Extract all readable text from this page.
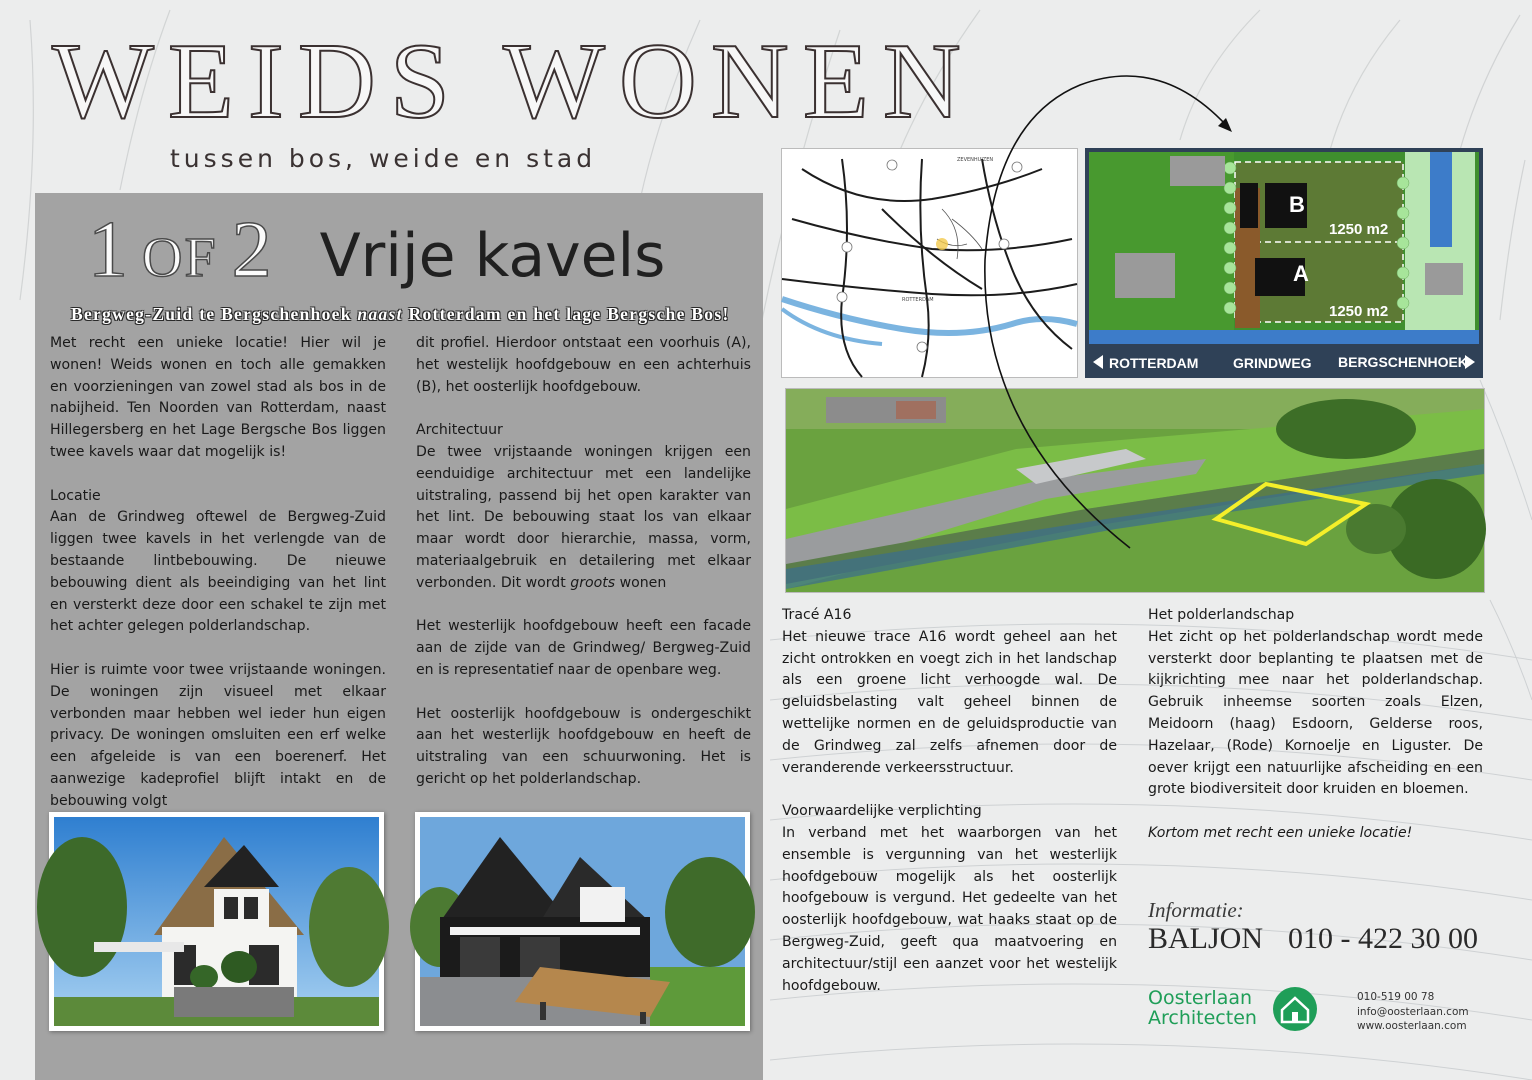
WEIDS WONEN
tussen bos, weide en stad
1 OF 2 Vrije kavels
Bergweg-Zuid te Bergschenhoek naast Rotterdam en het lage Bergsche Bos!

Met recht een unieke locatie! Hier wil je wonen! Weids wonen en toch alle gemakken en voorzieningen van zowel stad als bos in de nabijheid. Ten Noorden van Rotterdam, naast Hillegersberg en het Lage Bergsche Bos liggen twee kavels waar dat mogelijk is!

Locatie
Aan de Grindweg oftewel de Bergweg-Zuid liggen twee kavels in het verlengde van de bestaande lintbebouwing. De nieuwe bebouwing dient als beeindiging van het lint en versterkt deze door een schakel te zijn met het achter gelegen polderlandschap.

Hier is ruimte voor twee vrijstaande woningen. De woningen zijn visueel met elkaar verbonden maar hebben wel ieder hun eigen privacy. De woningen omsluiten een erf welke een afgeleide is van een boerenerf. Het aanwezige kadeprofiel blijft intakt en de bebouwing volgt

dit profiel. Hierdoor ontstaat een voorhuis (A), het westelijk hoofdgebouw en een achterhuis (B), het oosterlijk hoofdgebouw.

Architectuur
De twee vrijstaande woningen krijgen een eenduidige architectuur met een landelijke uitstraling, passend bij het open karakter van het lint. De bebouwing staat los van elkaar maar wordt door hierarchie, massa, vorm, materiaalgebruik en detailering met elkaar verbonden. Dit wordt groots wonen

Het westerlijk hoofdgebouw heeft een facade aan de zijde van de Grindweg/ Bergweg-Zuid en is representatief naar de openbare weg.

Het oosterlijk hoofdgebouw is ondergeschikt aan het westerlijk hoofdgebouw en heeft de uitstraling van een schuurwoning. Het is gericht op het polderlandschap.

ZEVENHUIZEN
ROTTERDAM
B
A
1250 m2
1250 m2
ROTTERDAM GRINDWEG BERGSCHENHOEK

Tracé A16
Het nieuwe trace A16 wordt geheel aan het zicht ontrokken en voegt zich in het landschap als een groene licht verhoogde wal. De geluidsbelasting valt geheel binnen de wettelijke normen en de geluidsproductie van de Grindweg zal zelfs afnemen door de veranderende verkeersstructuur.

Voorwaardelijke verplichting
In verband met het waarborgen van het ensemble is vergunning van het westerlijk hoofdgebouw mogelijk als het oosterlijk hoofgebouw is vergund. Het gedeelte van het oosterlijk hoofdgebouw, wat haaks staat op de Bergweg-Zuid, geeft qua maatvoering en architectuur/stijl een aanzet voor het westelijk hoofdgebouw.

Het polderlandschap
Het zicht op het polderlandschap wordt mede versterkt door beplanting te plaatsen met de kijkrichting mee naar het polderlandschap. Gebruik inheemse soorten zoals Elzen, Meidoorn (haag) Esdoorn, Gelderse roos, Hazelaar, (Rode) Kornoelje en Liguster. De oever krijgt een natuurlijke afscheiding en een grote biodiversiteit door kruiden en bloemen.

Kortom met recht een unieke locatie!

Informatie:
BALJON 010 - 422 30 00
Oosterlaan
Architecten
010-519 00 78
info@oosterlaan.com
www.oosterlaan.com
